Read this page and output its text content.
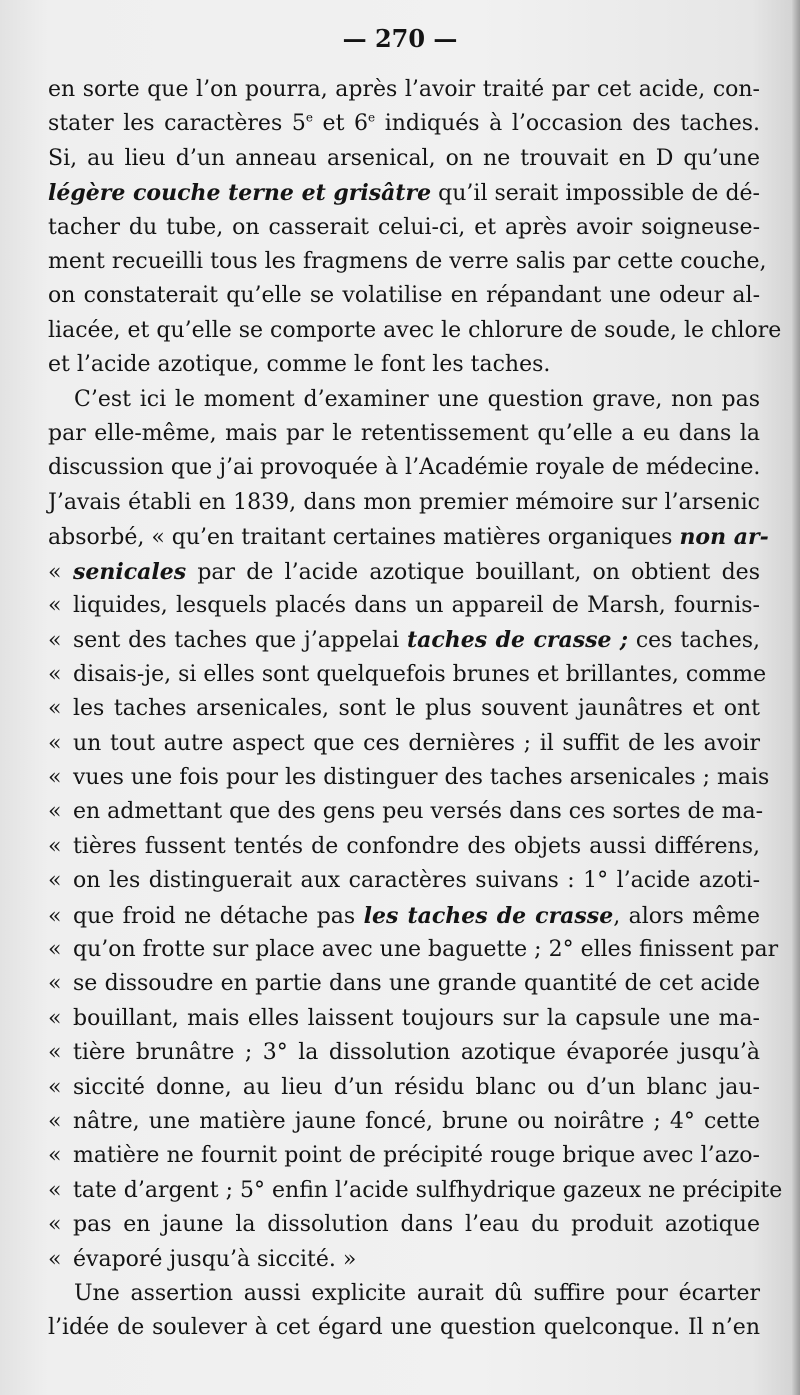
— 270 —
en sorte que l’on pourra, après l’avoir traité par cet acide, con-
stater les caractères 5e et 6e indiqués à l’occasion des taches.
Si, au lieu d’un anneau arsenical, on ne trouvait en D qu’une
légère couche terne et grisâtre qu’il serait impossible de dé-
tacher du tube, on casserait celui-ci, et après avoir soigneuse-
ment recueilli tous les fragmens de verre salis par cette couche,
on constaterait qu’elle se volatilise en répandant une odeur al-
liacée, et qu’elle se comporte avec le chlorure de soude, le chlore
et l’acide azotique, comme le font les taches.
C’est ici le moment d’examiner une question grave, non pas
par elle-même, mais par le retentissement qu’elle a eu dans la
discussion que j’ai provoquée à l’Académie royale de médecine.
J’avais établi en 1839, dans mon premier mémoire sur l’arsenic
absorbé, « qu’en traitant certaines matières organiques non ar-
« senicales par de l’acide azotique bouillant, on obtient des
« liquides, lesquels placés dans un appareil de Marsh, fournis-
« sent des taches que j’appelai taches de crasse ; ces taches,
« disais-je, si elles sont quelquefois brunes et brillantes, comme
« les taches arsenicales, sont le plus souvent jaunâtres et ont
« un tout autre aspect que ces dernières ; il suffit de les avoir
« vues une fois pour les distinguer des taches arsenicales ; mais
« en admettant que des gens peu versés dans ces sortes de ma-
« tières fussent tentés de confondre des objets aussi différens,
« on les distinguerait aux caractères suivans : 1° l’acide azoti-
« que froid ne détache pas les taches de crasse, alors même
« qu’on frotte sur place avec une baguette ; 2° elles finissent par
« se dissoudre en partie dans une grande quantité de cet acide
« bouillant, mais elles laissent toujours sur la capsule une ma-
« tière brunâtre ; 3° la dissolution azotique évaporée jusqu’à
« siccité donne, au lieu d’un résidu blanc ou d’un blanc jau-
« nâtre, une matière jaune foncé, brune ou noirâtre ; 4° cette
« matière ne fournit point de précipité rouge brique avec l’azo-
« tate d’argent ; 5° enfin l’acide sulfhydrique gazeux ne précipite
« pas en jaune la dissolution dans l’eau du produit azotique
« évaporé jusqu’à siccité. »
Une assertion aussi explicite aurait dû suffire pour écarter
l’idée de soulever à cet égard une question quelconque. Il n’en
